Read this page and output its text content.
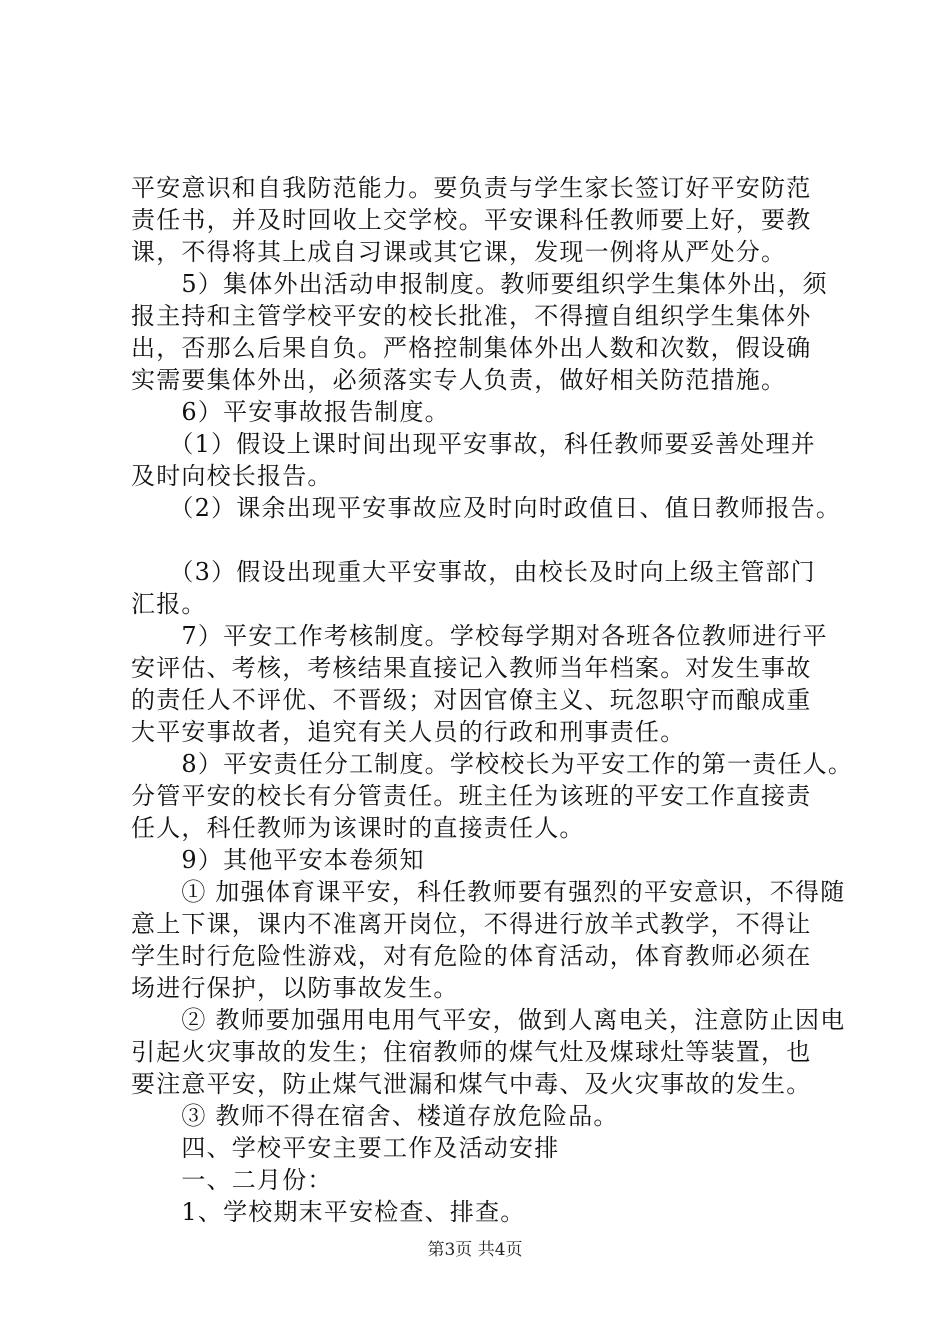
平安意识和自我防范能力。要负责与学生家长签订好平安防范
责任书，并及时回收上交学校。平安课科任教师要上好，要教
课，不得将其上成自习课或其它课，发现一例将从严处分。
　　5）集体外出活动申报制度。教师要组织学生集体外出，须
报主持和主管学校平安的校长批准，不得擅自组织学生集体外
出，否那么后果自负。严格控制集体外出人数和次数，假设确
实需要集体外出，必须落实专人负责，做好相关防范措施。
　　6）平安事故报告制度。
　　（1）假设上课时间出现平安事故，科任教师要妥善处理并
及时向校长报告。
　　（2）课余出现平安事故应及时向时政值日、值日教师报告。
　　（3）假设出现重大平安事故，由校长及时向上级主管部门
汇报。
　　7）平安工作考核制度。学校每学期对各班各位教师进行平
安评估、考核，考核结果直接记入教师当年档案。对发生事故
的责任人不评优、不晋级；对因官僚主义、玩忽职守而酿成重
大平安事故者，追究有关人员的行政和刑事责任。
　　8）平安责任分工制度。学校校长为平安工作的第一责任人。
分管平安的校长有分管责任。班主任为该班的平安工作直接责
任人，科任教师为该课时的直接责任人。
　　9）其他平安本卷须知
　　① 加强体育课平安，科任教师要有强烈的平安意识，不得随
意上下课，课内不准离开岗位，不得进行放羊式教学，不得让
学生时行危险性游戏，对有危险的体育活动，体育教师必须在
场进行保护，以防事故发生。
　　② 教师要加强用电用气平安，做到人离电关，注意防止因电
引起火灾事故的发生；住宿教师的煤气灶及煤球灶等装置，也
要注意平安，防止煤气泄漏和煤气中毒、及火灾事故的发生。
　　③ 教师不得在宿舍、楼道存放危险品。
　　四、学校平安主要工作及活动安排
　　一、二月份：
　　1、学校期末平安检查、排查。
第3页 共4页
